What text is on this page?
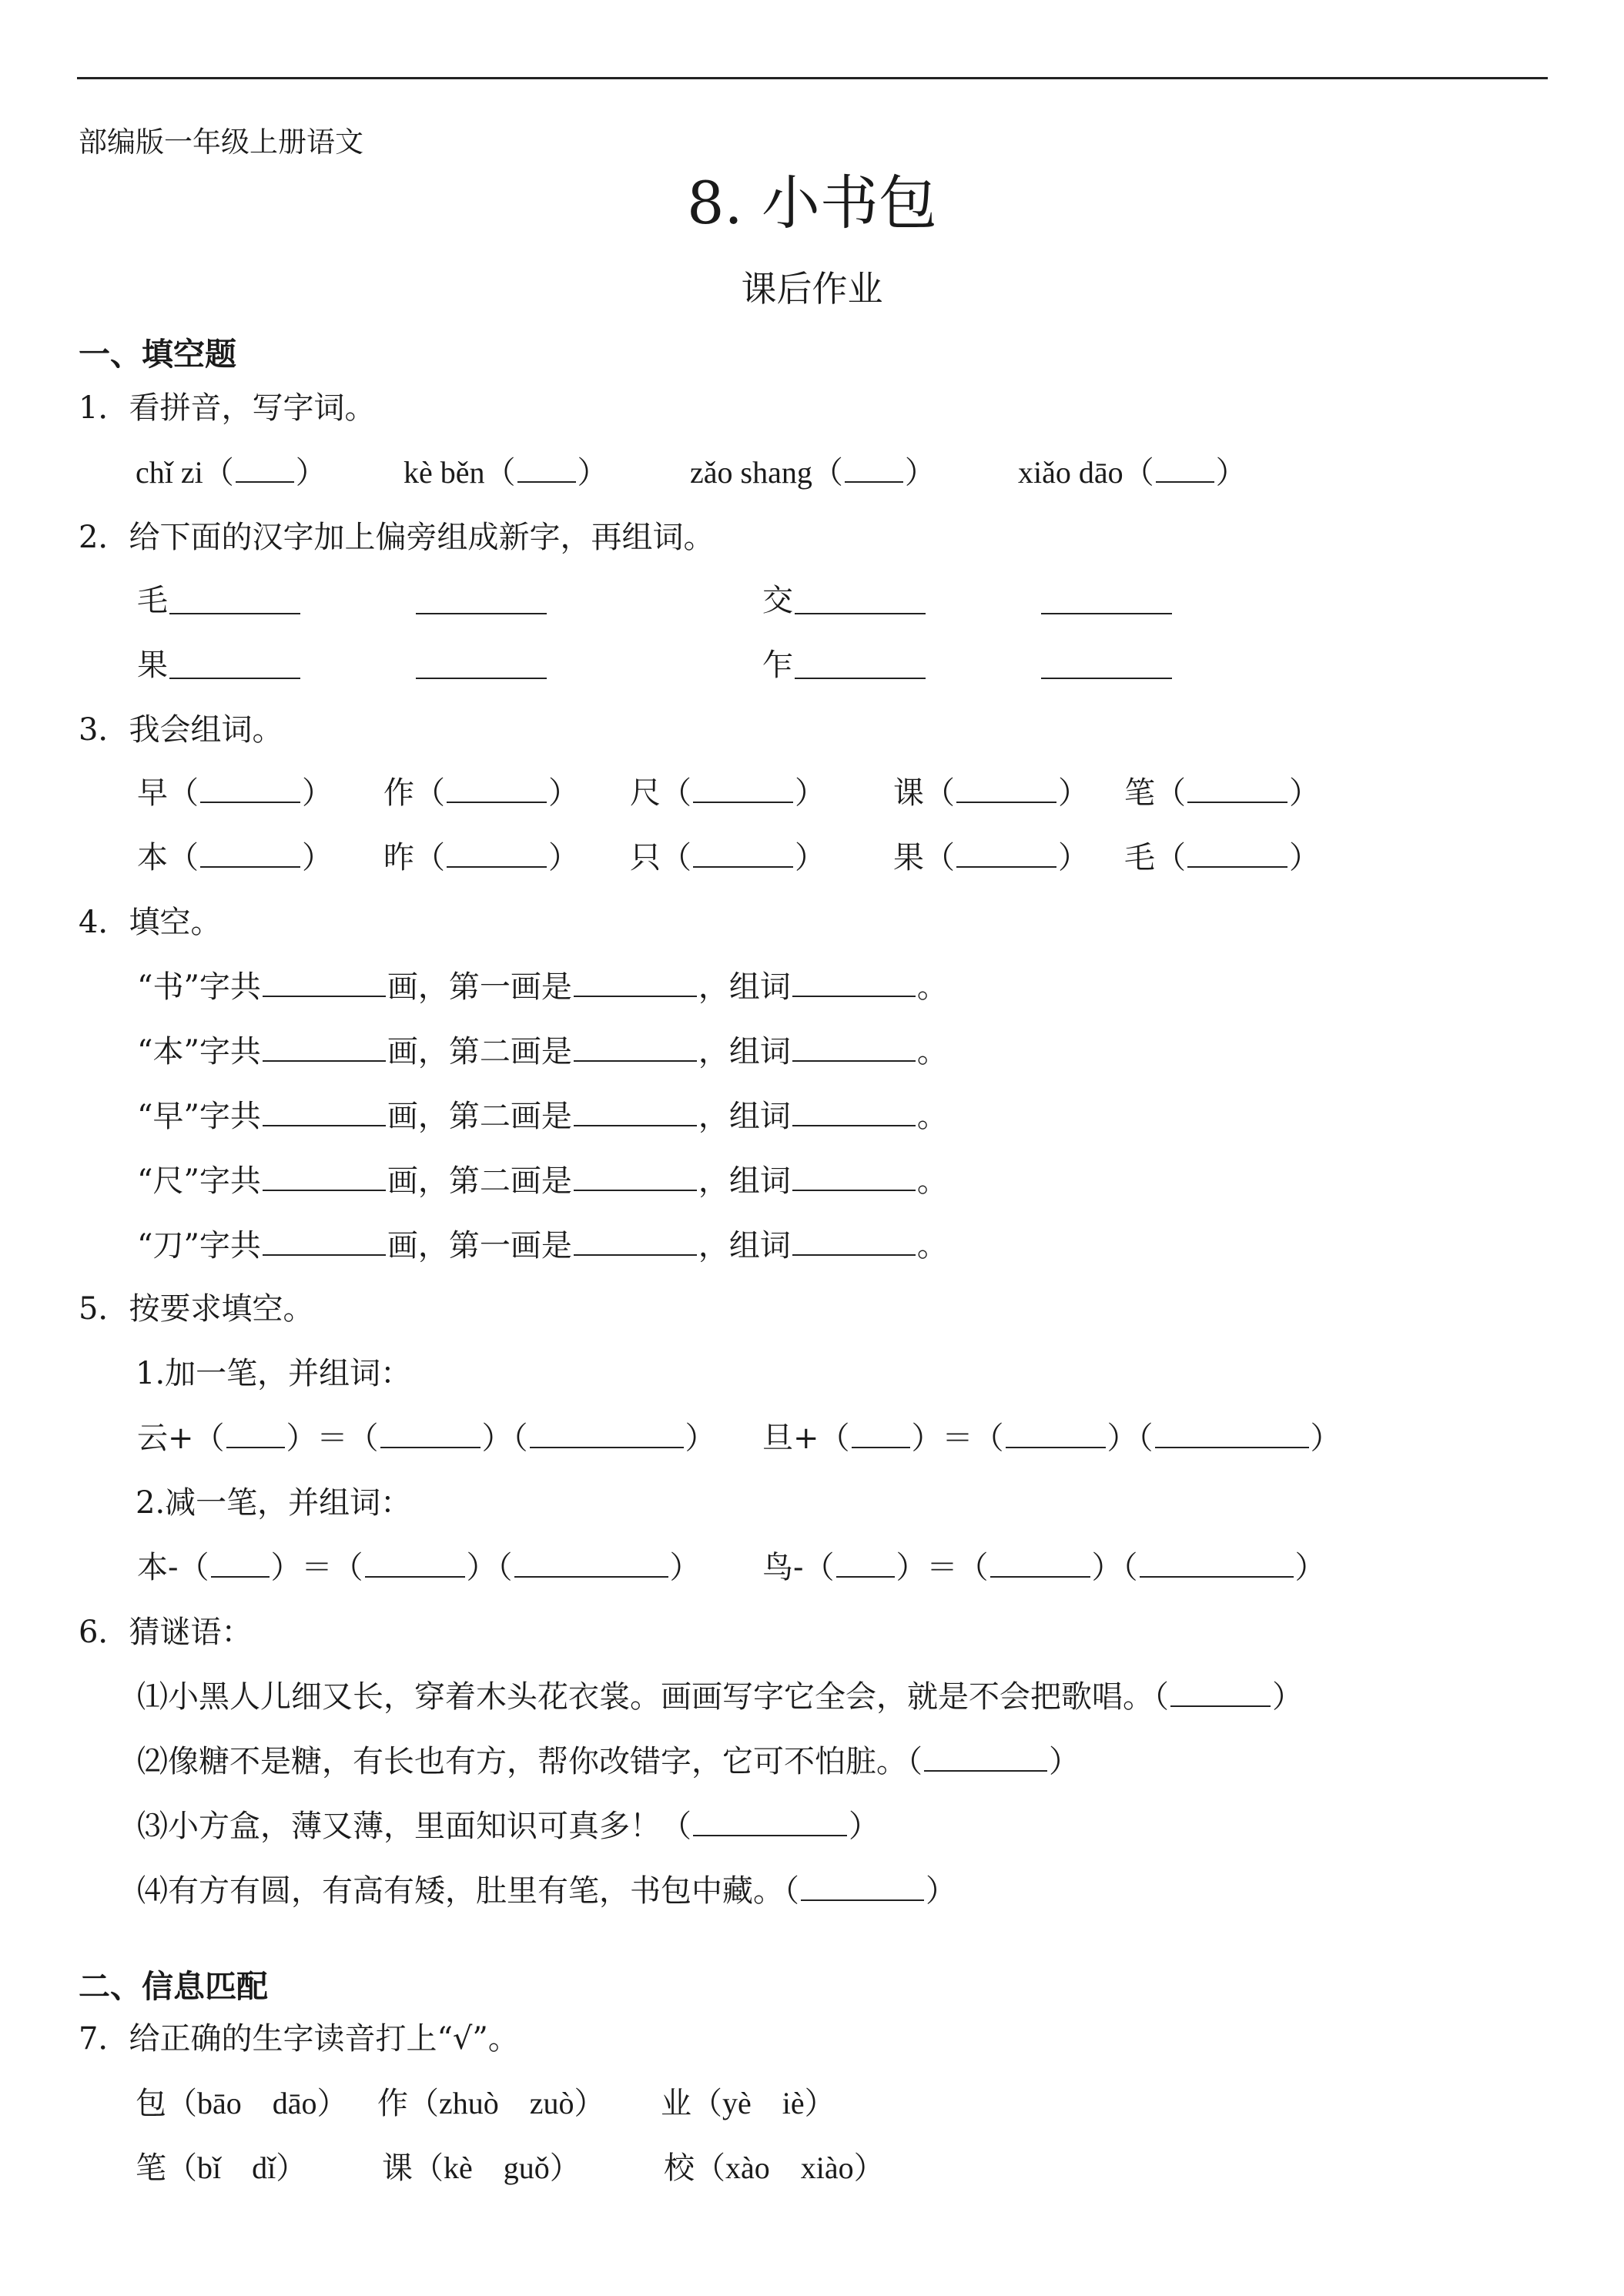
部编版一年级上册语文
8. 小书包
课后作业
一、填空题
1．看拼音，写字词。
chǐ zi（ ）	kè běn（ ）	zǎo shang（ ）	xiǎo dāo（ ）
2．给下面的汉字加上偏旁组成新字，再组词。
毛	交
果	乍
3．我会组词。
早（	） 作（	） 尺（	） 课（	） 笔（	）
本（	） 昨（	） 只（	） 果（	） 毛（	）
4．填空。
“书”字共	画，第一画是	，组词	。
“本”字共	画，第二画是	，组词	。
“早”字共	画，第二画是	，组词	。
“尺”字共	画，第二画是	，组词	。
“刀”字共	画，第一画是	，组词	。
5．按要求填空。
1.加一笔，并组词：
云+（ ）＝（	）（	） 旦+（ ）＝（	）（	）
2.减一笔，并组词：
本-（ ）＝（	）（	） 鸟-（ ）＝（	）（	）
6．猜谜语：
⑴小黑人儿细又长，穿着木头花衣裳。画画写字它全会，就是不会把歌唱。（	）
⑵像糖不是糖，有长也有方，帮你改错字，它可不怕脏。（	）
⑶小方盒，薄又薄，里面知识可真多！（	）
⑷有方有圆，有高有矮，肚里有笔，书包中藏。（	）
二、信息匹配
7．给正确的生字读音打上“√”。
包（bāo　dāo） 作（zhuò　zuò） 业（yè　iè）
笔（bǐ　dǐ） 课（kè　guǒ）	校（xào　xiào）
